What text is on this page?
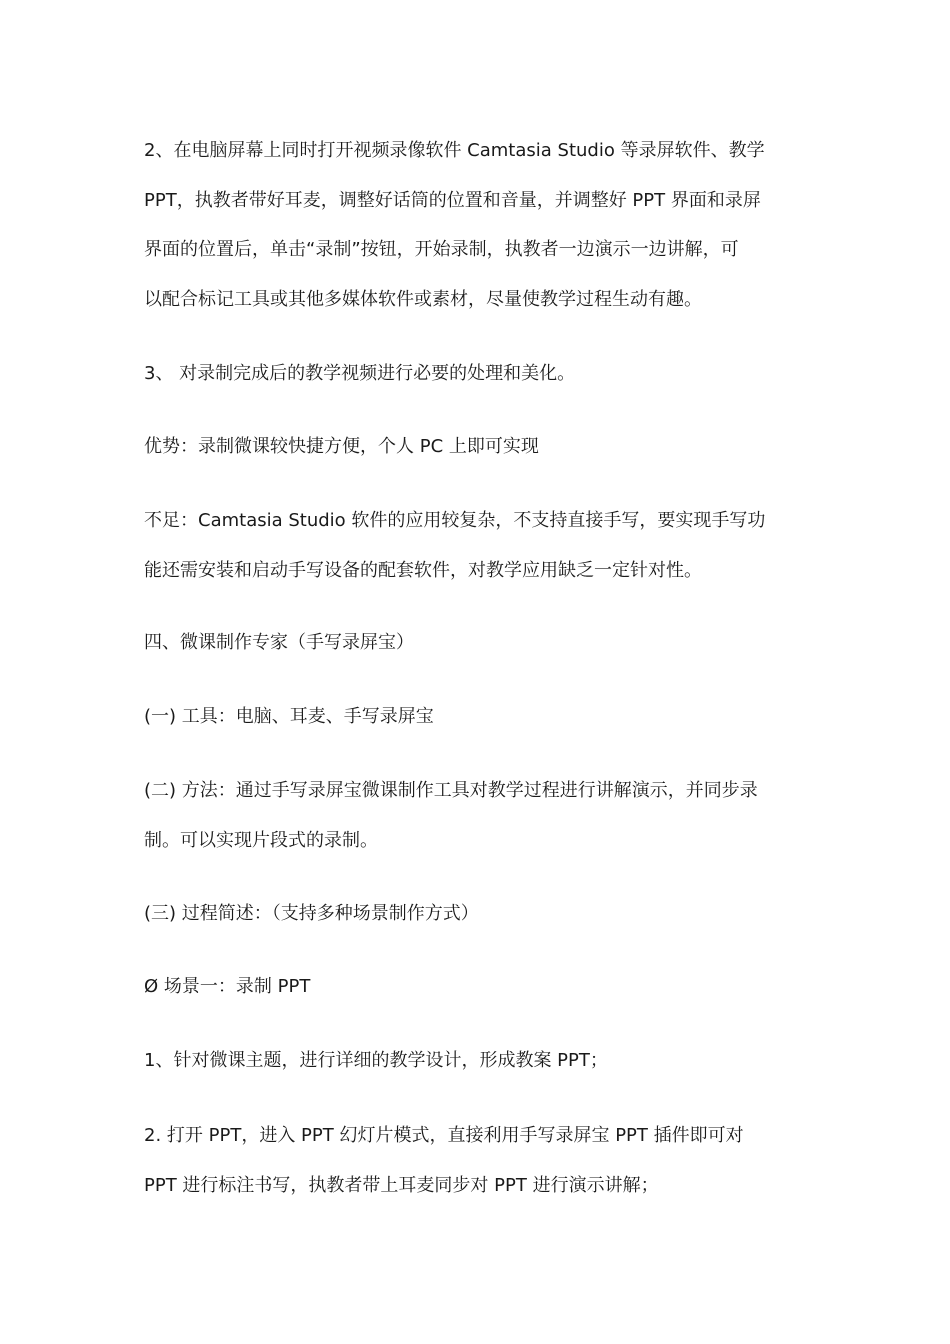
2、在电脑屏幕上同时打开视频录像软件 Camtasia Studio 等录屏软件、教学
PPT，执教者带好耳麦，调整好话筒的位置和音量，并调整好 PPT 界面和录屏
界面的位置后，单击“录制”按钮，开始录制，执教者一边演示一边讲解，可
以配合标记工具或其他多媒体软件或素材，尽量使教学过程生动有趣。

3、 对录制完成后的教学视频进行必要的处理和美化。

优势：录制微课较快捷方便，个人 PC 上即可实现

不足：Camtasia Studio 软件的应用较复杂，不支持直接手写，要实现手写功
能还需安装和启动手写设备的配套软件，对教学应用缺乏一定针对性。

四、微课制作专家（手写录屏宝）

(一) 工具：电脑、耳麦、手写录屏宝

(二) 方法：通过手写录屏宝微课制作工具对教学过程进行讲解演示，并同步录
制。可以实现片段式的录制。

(三) 过程简述：（支持多种场景制作方式）

Ø 场景一：录制 PPT

1、针对微课主题，进行详细的教学设计，形成教案 PPT；

2. 打开 PPT，进入 PPT 幻灯片模式，直接利用手写录屏宝 PPT 插件即可对
PPT 进行标注书写，执教者带上耳麦同步对 PPT 进行演示讲解；
